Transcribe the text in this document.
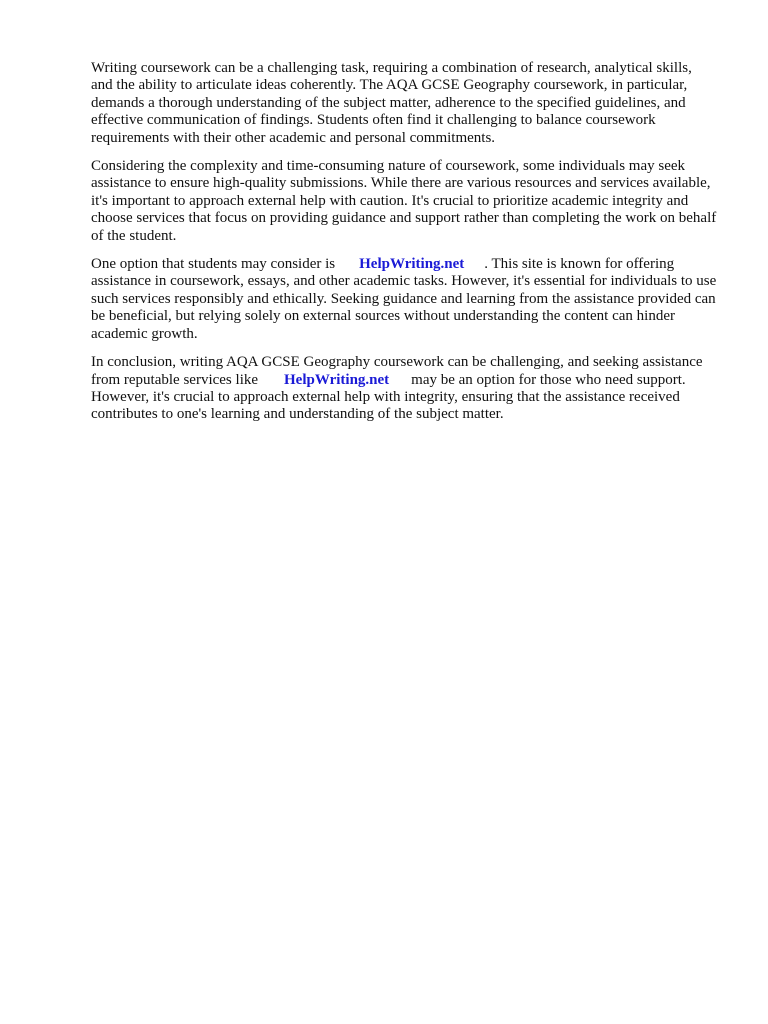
Writing coursework can be a challenging task, requiring a combination of research, analytical skills, and the ability to articulate ideas coherently. The AQA GCSE Geography coursework, in particular, demands a thorough understanding of the subject matter, adherence to the specified guidelines, and effective communication of findings. Students often find it challenging to balance coursework requirements with their other academic and personal commitments.

Considering the complexity and time-consuming nature of coursework, some individuals may seek assistance to ensure high-quality submissions. While there are various resources and services available, it's important to approach external help with caution. It's crucial to prioritize academic integrity and choose services that focus on providing guidance and support rather than completing the work on behalf of the student.

One option that students may consider is HelpWriting.net . This site is known for offering assistance in coursework, essays, and other academic tasks. However, it's essential for individuals to use such services responsibly and ethically. Seeking guidance and learning from the assistance provided can be beneficial, but relying solely on external sources without understanding the content can hinder academic growth.

In conclusion, writing AQA GCSE Geography coursework can be challenging, and seeking assistance from reputable services like HelpWriting.net may be an option for those who need support. However, it's crucial to approach external help with integrity, ensuring that the assistance received contributes to one's learning and understanding of the subject matter.
